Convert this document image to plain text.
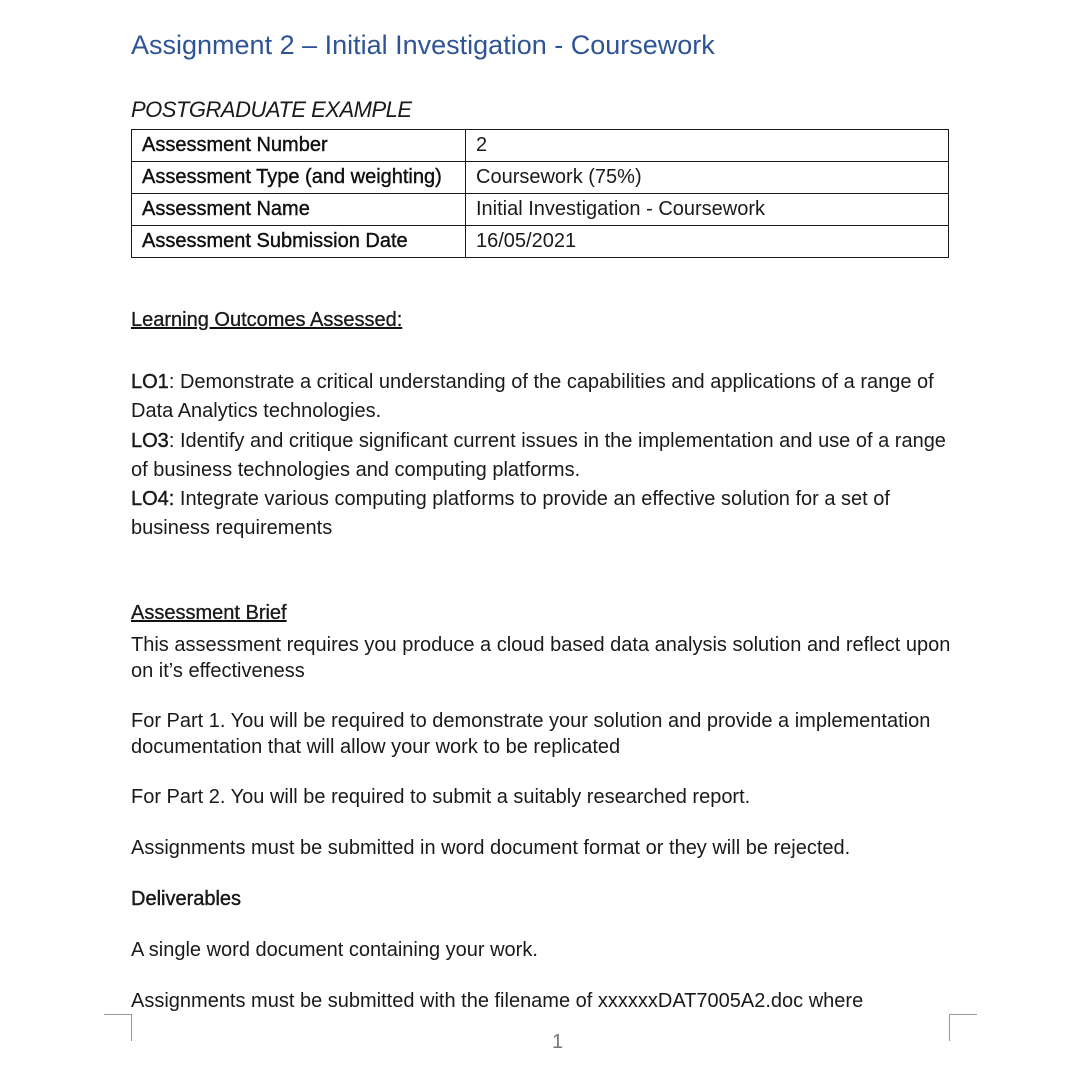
Assignment 2 – Initial Investigation - Coursework
POSTGRADUATE EXAMPLE
Assessment Number	2
Assessment Type (and weighting)	Coursework (75%)
Assessment Name	Initial Investigation - Coursework
Assessment Submission Date	16/05/2021
Learning Outcomes Assessed:
LO1: Demonstrate a critical understanding of the capabilities and applications of a range of Data Analytics technologies.
LO3: Identify and critique significant current issues in the implementation and use of a range of business technologies and computing platforms.
LO4: Integrate various computing platforms to provide an effective solution for a set of business requirements
Assessment Brief

This assessment requires you produce a cloud based data analysis solution and reflect upon on it’s effectiveness

For Part 1. You will be required to demonstrate your solution and provide a implementation documentation that will allow your work to be replicated

For Part 2. You will be required to submit a suitably researched report.

Assignments must be submitted in word document format or they will be rejected.

Deliverables

A single word document containing your work.

Assignments must be submitted with the filename of xxxxxxDAT7005A2.doc where

1
